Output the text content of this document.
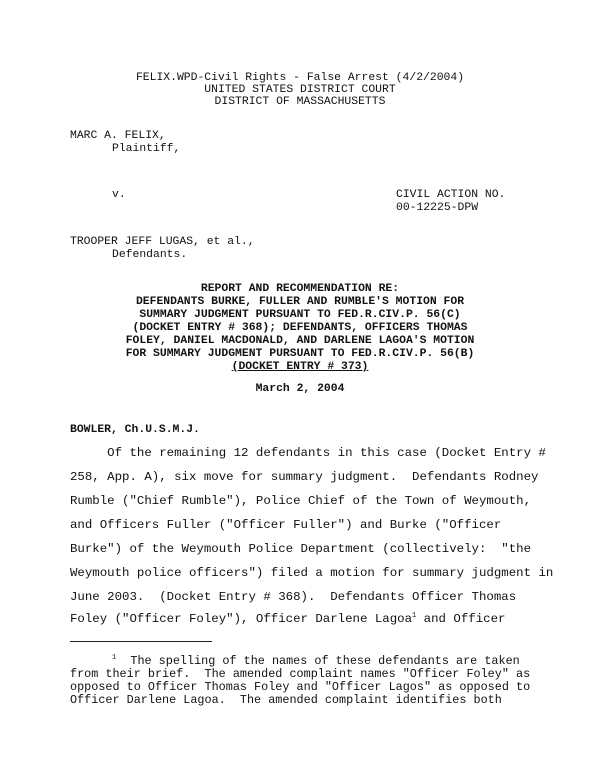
FELIX.WPD-Civil Rights - False Arrest (4/2/2004)

UNITED STATES DISTRICT COURT

DISTRICT OF MASSACHUSETTS

MARC A. FELIX,

Plaintiff,

v.	CIVIL ACTION NO.

00-12225-DPW

TROOPER JEFF LUGAS, et al.,

Defendants.

REPORT AND RECOMMENDATION RE:

DEFENDANTS BURKE, FULLER AND RUMBLE'S MOTION FOR

SUMMARY JUDGMENT PURSUANT TO FED.R.CIV.P. 56(C)

(DOCKET ENTRY # 368); DEFENDANTS, OFFICERS THOMAS

FOLEY, DANIEL MACDONALD, AND DARLENE LAGOA'S MOTION

FOR SUMMARY JUDGMENT PURSUANT TO FED.R.CIV.P. 56(B)

(DOCKET ENTRY # 373)

March 2, 2004

BOWLER, Ch.U.S.M.J.

Of the remaining 12 defendants in this case (Docket Entry #

258, App. A), six move for summary judgment.  Defendants Rodney

Rumble ("Chief Rumble"), Police Chief of the Town of Weymouth,

and Officers Fuller ("Officer Fuller") and Burke ("Officer

Burke") of the Weymouth Police Department (collectively:  "the

Weymouth police officers") filed a motion for summary judgment in

June 2003.  (Docket Entry # 368).  Defendants Officer Thomas

Foley ("Officer Foley"), Officer Darlene Lagoa$^1$ and Officer

$^1$  The spelling of the names of these defendants are taken

from their brief.  The amended complaint names "Officer Foley" as

opposed to Officer Thomas Foley and "Officer Lagos" as opposed to

Officer Darlene Lagoa.  The amended complaint identifies both
